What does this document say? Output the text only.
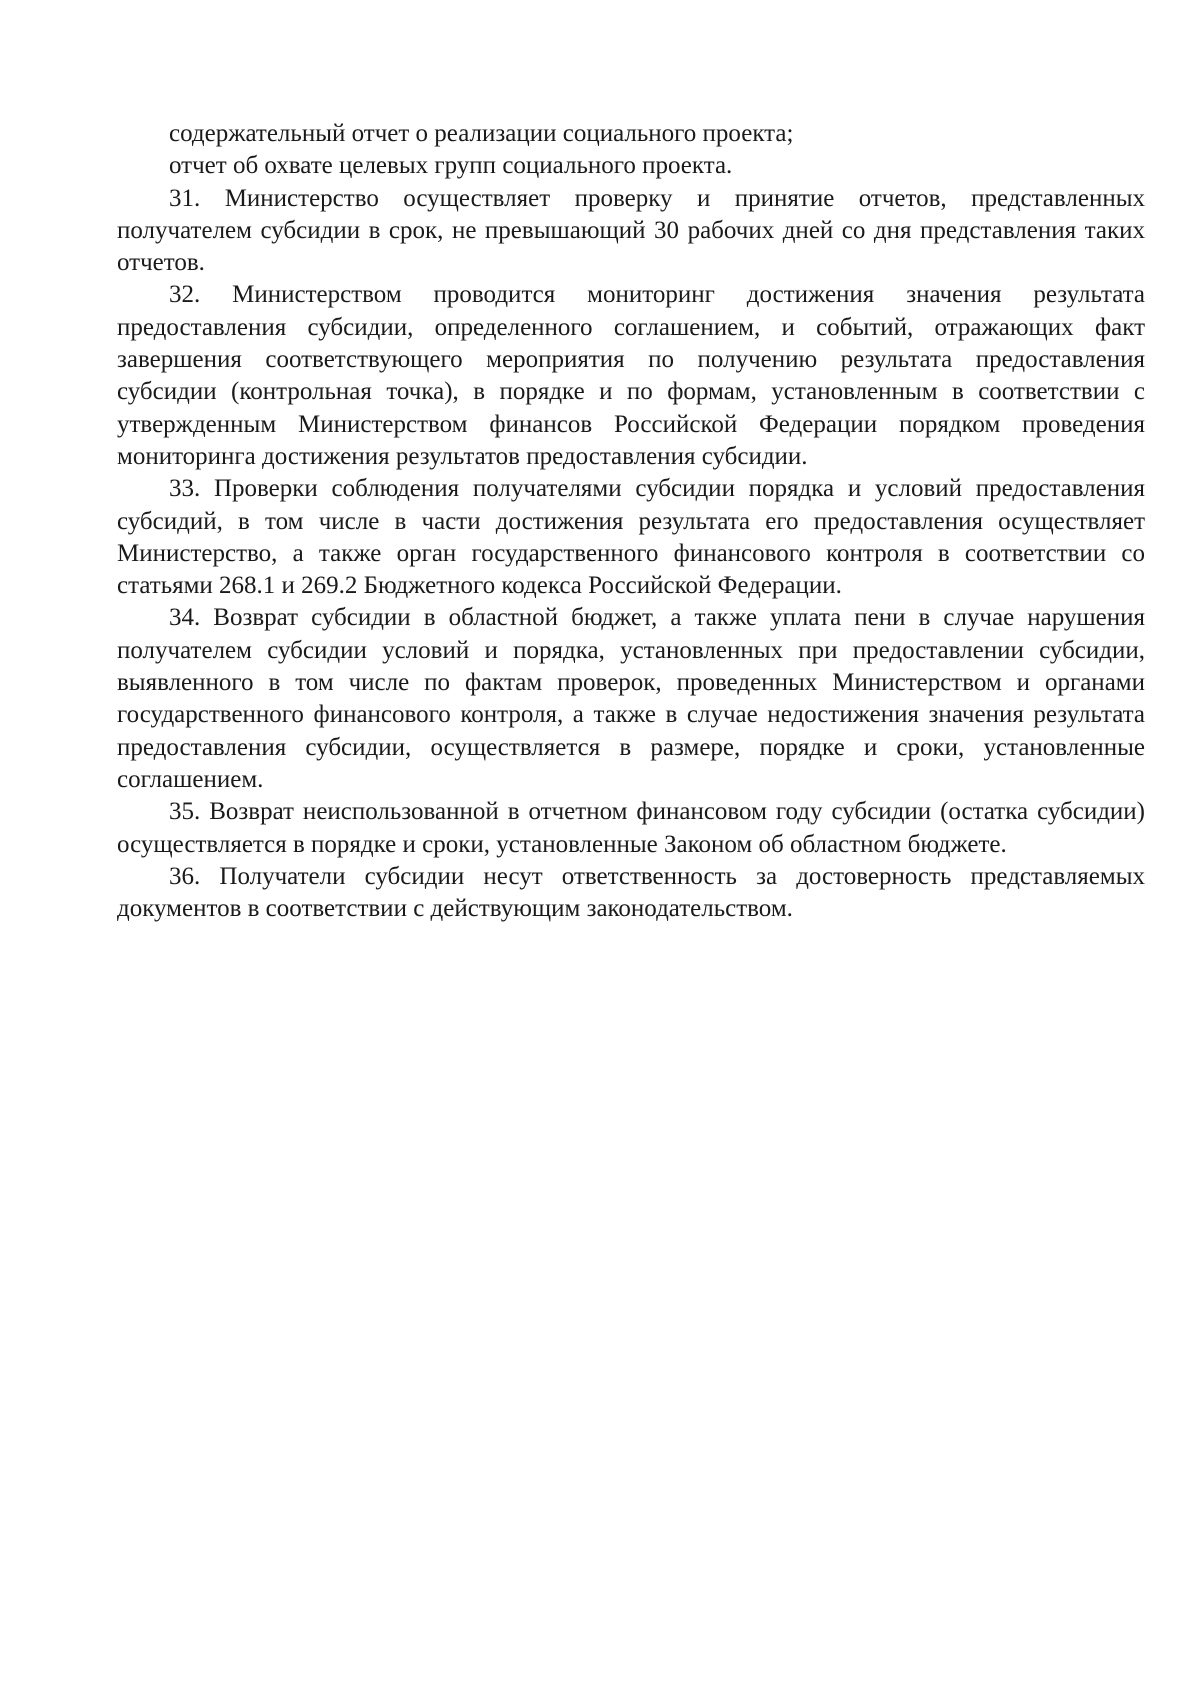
содержательный отчет о реализации социального проекта;

отчет об охвате целевых групп социального проекта.

31. Министерство осуществляет проверку и принятие отчетов, представленных получателем субсидии в срок, не превышающий 30 рабочих дней со дня представления таких отчетов.

32. Министерством проводится мониторинг достижения значения результата предоставления субсидии, определенного соглашением, и событий, отражающих факт завершения соответствующего мероприятия по получению результата предоставления субсидии (контрольная точка), в порядке и по формам, установленным в соответствии с утвержденным Министерством финансов Российской Федерации порядком проведения мониторинга достижения результатов предоставления субсидии.

33. Проверки соблюдения получателями субсидии порядка и условий предоставления субсидий, в том числе в части достижения результата его предоставления осуществляет Министерство, а также орган государственного финансового контроля в соответствии со статьями 268.1 и 269.2 Бюджетного кодекса Российской Федерации.

34. Возврат субсидии в областной бюджет, а также уплата пени в случае нарушения получателем субсидии условий и порядка, установленных при предоставлении субсидии, выявленного в том числе по фактам проверок, проведенных Министерством и органами государственного финансового контроля, а также в случае недостижения значения результата предоставления субсидии, осуществляется в размере, порядке и сроки, установленные соглашением.

35. Возврат неиспользованной в отчетном финансовом году субсидии (остатка субсидии) осуществляется в порядке и сроки, установленные Законом об областном бюджете.

36. Получатели субсидии несут ответственность за достоверность представляемых документов в соответствии с действующим законодательством.
